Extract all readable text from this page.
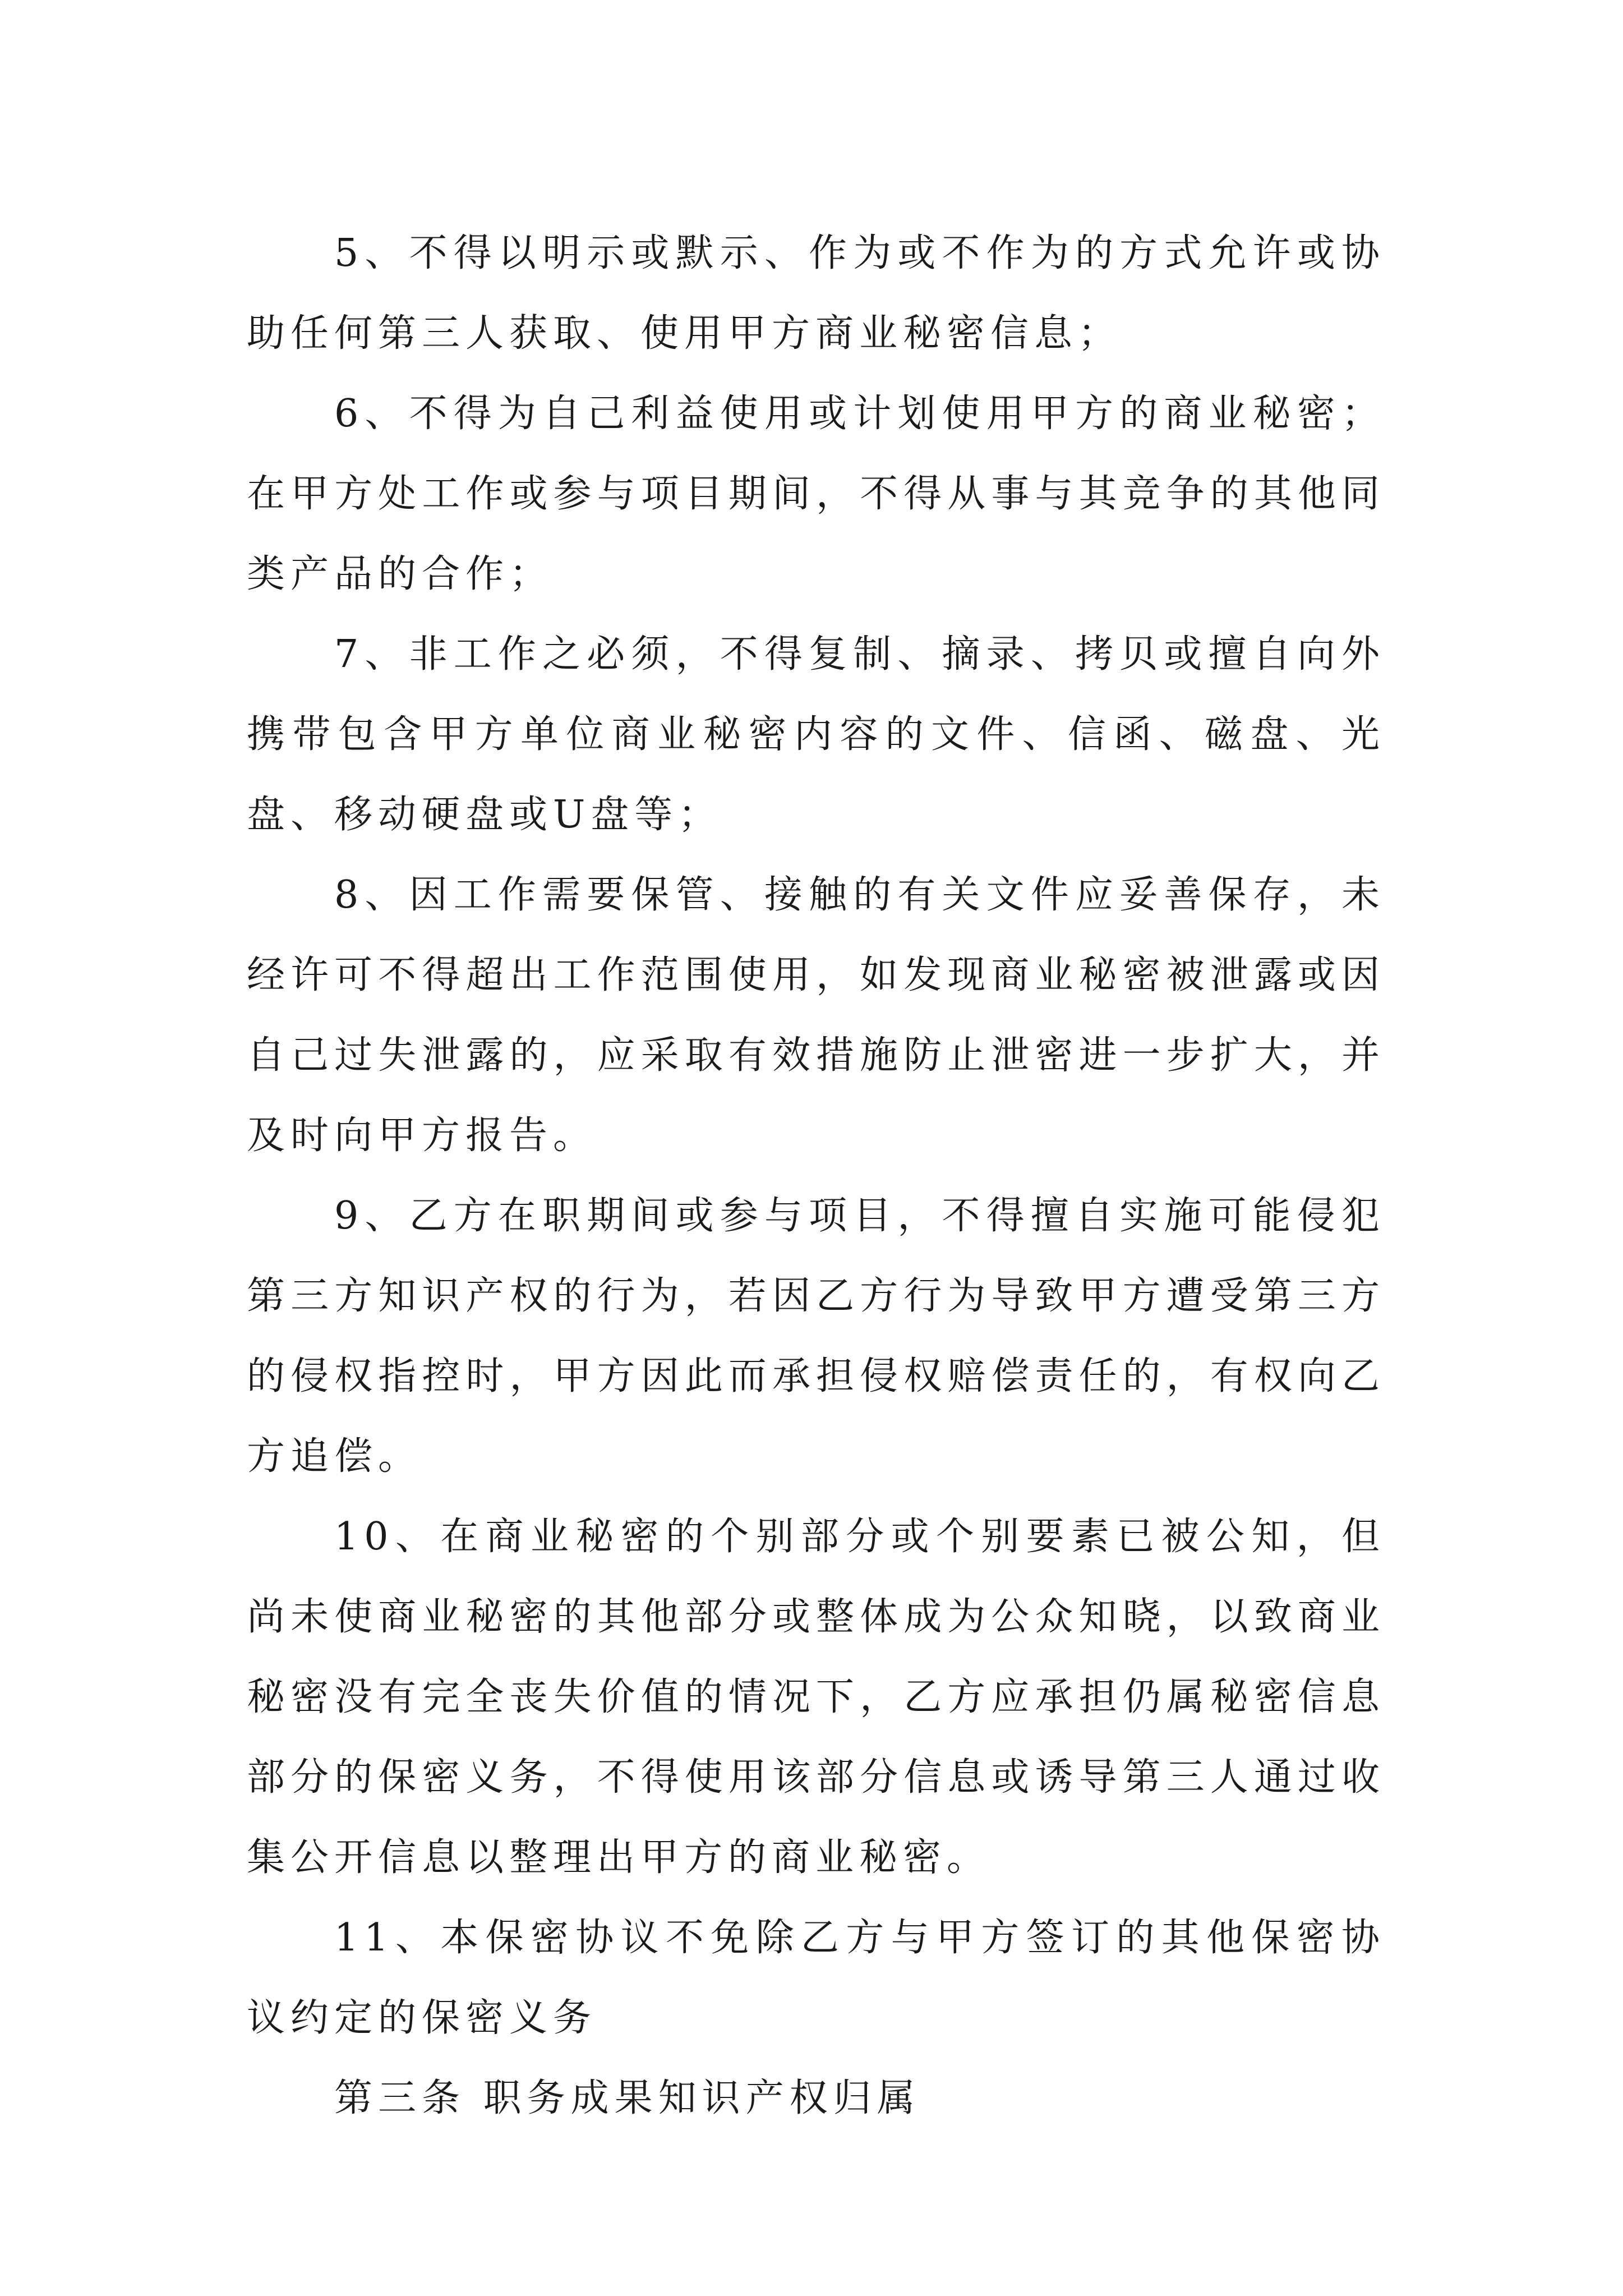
5、不得以明示或默示、作为或不作为的方式允许或协助任何第三人获取、使用甲方商业秘密信息；

6、不得为自己利益使用或计划使用甲方的商业秘密；在甲方处工作或参与项目期间，不得从事与其竞争的其他同类产品的合作；

7、非工作之必须，不得复制、摘录、拷贝或擅自向外携带包含甲方单位商业秘密内容的文件、信函、磁盘、光盘、移动硬盘或U盘等；

8、因工作需要保管、接触的有关文件应妥善保存，未经许可不得超出工作范围使用，如发现商业秘密被泄露或因自己过失泄露的，应采取有效措施防止泄密进一步扩大，并及时向甲方报告。

9、乙方在职期间或参与项目，不得擅自实施可能侵犯第三方知识产权的行为，若因乙方行为导致甲方遭受第三方的侵权指控时，甲方因此而承担侵权赔偿责任的，有权向乙方追偿。

10、在商业秘密的个别部分或个别要素已被公知，但尚未使商业秘密的其他部分或整体成为公众知晓，以致商业秘密没有完全丧失价值的情况下，乙方应承担仍属秘密信息部分的保密义务，不得使用该部分信息或诱导第三人通过收集公开信息以整理出甲方的商业秘密。

11、本保密协议不免除乙方与甲方签订的其他保密协议约定的保密义务

第三条 职务成果知识产权归属
